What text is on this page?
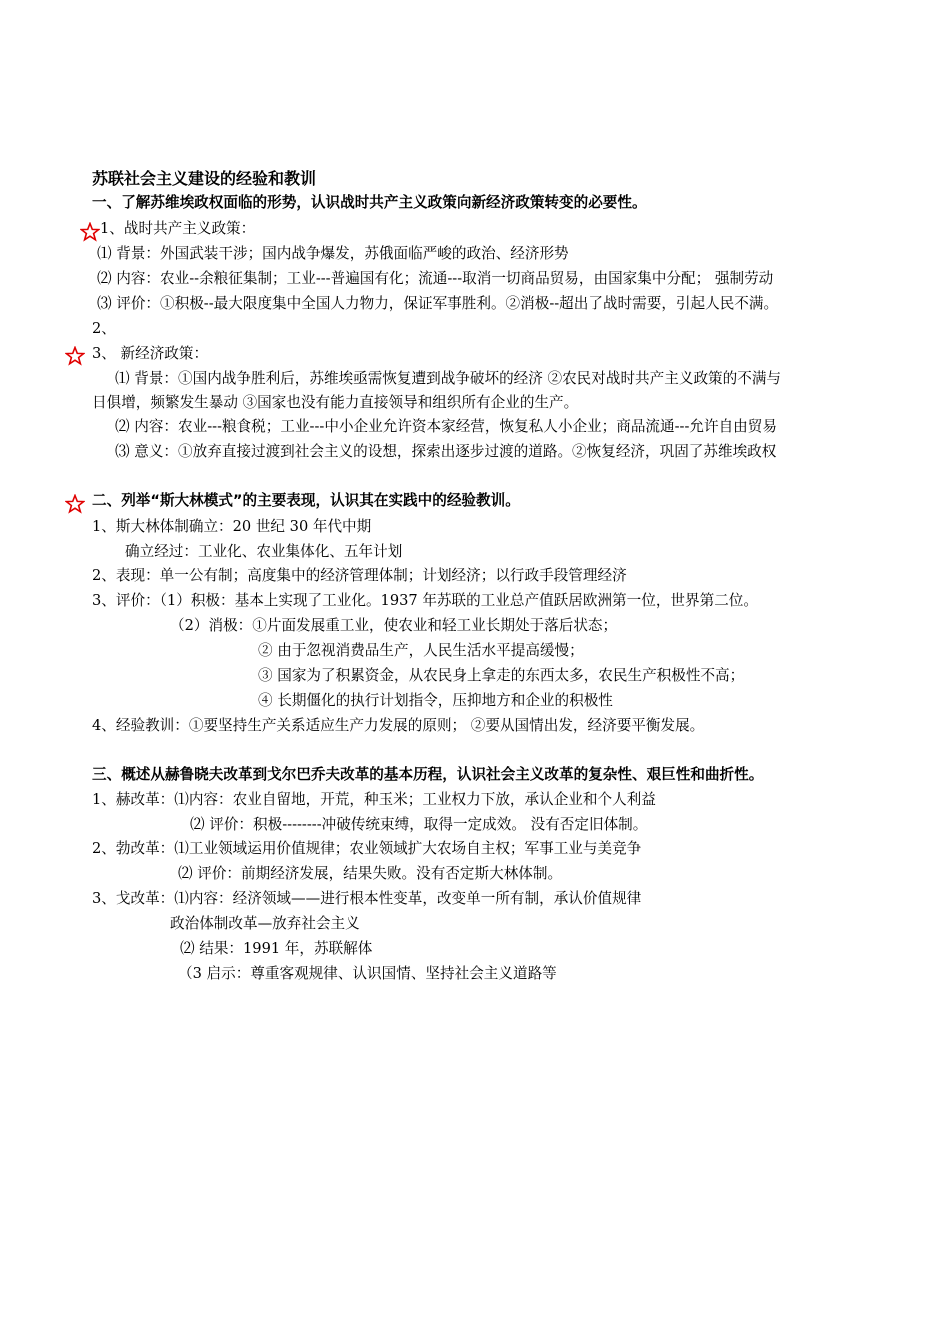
苏联社会主义建设的经验和教训
一、了解苏维埃政权面临的形势，认识战时共产主义政策向新经济政策转变的必要性。
1、战时共产主义政策：
⑴ 背景：外国武装干涉；国内战争爆发，苏俄面临严峻的政治、经济形势
⑵ 内容：农业--余粮征集制；工业---普遍国有化；流通---取消一切商品贸易，由国家集中分配； 强制劳动
⑶ 评价：①积极--最大限度集中全国人力物力，保证军事胜利。②消极--超出了战时需要，引起人民不满。
2、
3、 新经济政策：
⑴ 背景：①国内战争胜利后，苏维埃亟需恢复遭到战争破坏的经济 ②农民对战时共产主义政策的不满与
日俱增，频繁发生暴动 ③国家也没有能力直接领导和组织所有企业的生产。
⑵ 内容：农业---粮食税；工业---中小企业允许资本家经营，恢复私人小企业；商品流通---允许自由贸易
⑶ 意义：①放弃直接过渡到社会主义的设想，探索出逐步过渡的道路。②恢复经济，巩固了苏维埃政权
二、列举“斯大林模式”的主要表现，认识其在实践中的经验教训。
1、斯大林体制确立：20 世纪 30 年代中期
确立经过：工业化、农业集体化、五年计划
2、表现：单一公有制；高度集中的经济管理体制；计划经济；以行政手段管理经济
3、评价：（1）积极：基本上实现了工业化。1937 年苏联的工业总产值跃居欧洲第一位，世界第二位。
（2）消极：①片面发展重工业，使农业和轻工业长期处于落后状态；
② 由于忽视消费品生产，人民生活水平提高缓慢；
③ 国家为了积累资金，从农民身上拿走的东西太多，农民生产积极性不高；
④ 长期僵化的执行计划指令，压抑地方和企业的积极性
4、经验教训：①要坚持生产关系适应生产力发展的原则； ②要从国情出发，经济要平衡发展。
三、概述从赫鲁晓夫改革到戈尔巴乔夫改革的基本历程，认识社会主义改革的复杂性、艰巨性和曲折性。
1、赫改革：⑴内容：农业自留地，开荒，种玉米；工业权力下放，承认企业和个人利益
⑵ 评价：积极--------冲破传统束缚，取得一定成效。 没有否定旧体制。
2、勃改革：⑴工业领域运用价值规律；农业领域扩大农场自主权；军事工业与美竞争
⑵ 评价：前期经济发展，结果失败。没有否定斯大林体制。
3、戈改革：⑴内容：经济领域——进行根本性变革，改变单一所有制，承认价值规律
政治体制改革—放弃社会主义
⑵ 结果：1991 年，苏联解体
（3 启示：尊重客观规律、认识国情、坚持社会主义道路等
